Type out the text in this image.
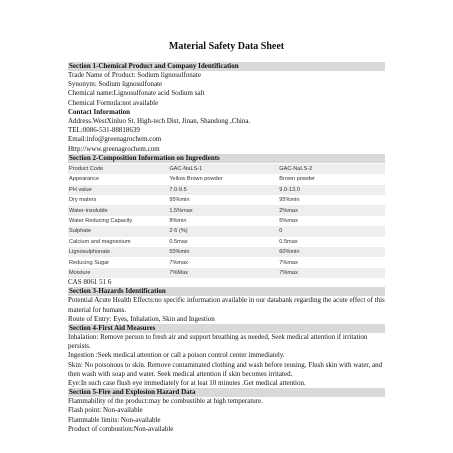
Material Safety Data Sheet
Section 1-Chemical Product and Company Identification

Trade Name of Product: Sodium lignosulfonate

Synonym: Sodium lignosulfonate

Chemical name:Lignosulfonate acid Sodium salt

Chemical Formula:not available

Contact Information

Address.WestXinluo St. High-tech Dist, Jinan, Shandong ,China.

TEL:0086-531-88818639

Email:info@greenagrochem.com

Http://www.greenagrochem.com

Section 2-Composition Information on Ingredients
Product Code	GAC-NaLS-1	GAC-NaLS-2
Appearance	Yellow Brown powder	Brown powder
PH value	7.0-9.5	9.0-13.0
Dry maters	95%min	95%min
Water-insoluble	1.5%max	2%max
Water Reducing Capacity	8%min	5%max
Sulphate	2-5 (%)	0
Calcium and magnesium	0.5max	0.5max
Lignosulphonate	55%min	60%min
Reducing Sugar	7%max	7%max
Moisture	7%Max	7%max

CAS 8061 51 6

Section 3-Hazards Identification

Potential Acute Health Effects:no specific information available in our databank regarding the acute effect of this material for humans.

Route of Entry: Eyes, Inhalation, Skin and Ingestion

Section 4-First Aid Measures

Inhalation: Remove person to fresh air and support breathing as needed, Seek medical attention if irritation persists.

Ingestion :Seek medical attention or call a poison control center immediately.

Skin: No poisonous to skin. Remove contaminated clothing and wash before reusing. Flush skin with water, and then wash with soap and water. Seek medical attention if skin becomes irritated.

Eye:In such case flush eye immediately for at leat 10 minutes .Get medical attention.

Section 5-Fire and Explosion Hazard Data

Flammability of the product:may be combustible at high temperature.

Flash point: Non-available

Flammable limits: Non-available

Product of combustion:Non-available
